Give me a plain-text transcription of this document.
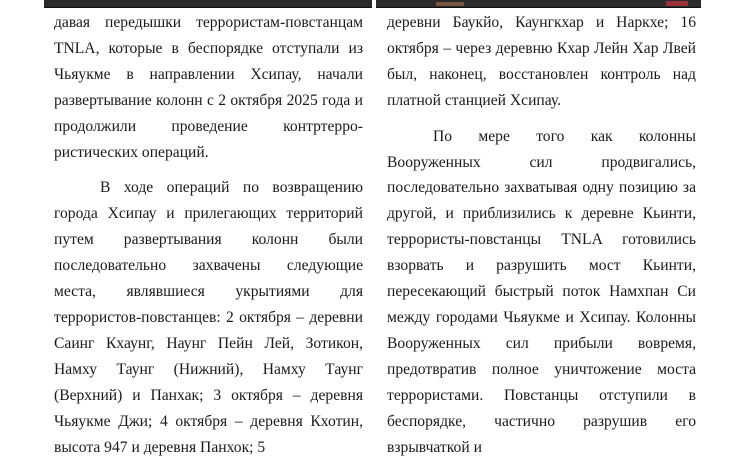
давая передышки террористам-повстанцам TNLA, которые в беспорядке отступали из Чьяукме в направлении Хсипау, начали развертывание колонн с 2 октября 2025 года и продолжили проведение контртерро-ристических операций.

В ходе операций по возвращению города Хсипау и прилегающих территорий путем развертывания колонн были последовательно захвачены следующие места, являвшиеся укрытиями для террористов-повстанцев: 2 октября – деревни Саинг Кхаунг, Наунг Пейн Лей, Зотикон, Намху Таунг (Нижний), Намху Таунг (Верхний) и Панхак; 3 октября – деревня Чьяукме Джи; 4 октября – деревня Кхотин, высота 947 и деревня Панхок; 5

деревни Баукйо, Каунгкхар и Наркхе; 16 октября – через деревню Кхар Лейн Хар Лвей был, наконец, восстановлен контроль над платной станцией Хсипау.

По мере того как колонны Вооруженных сил продвигались, последовательно захватывая одну позицию за другой, и приблизились к деревне Кьинти, террористы-повстанцы TNLA готовились взорвать и разрушить мост Кьинти, пересекающий быстрый поток Намхпан Си между городами Чьяукме и Хсипау. Колонны Вооруженных сил прибыли вовремя, предотвратив полное уничтожение моста террористами. Повстанцы отступили в беспорядке, частично разрушив его взрывчаткой и
